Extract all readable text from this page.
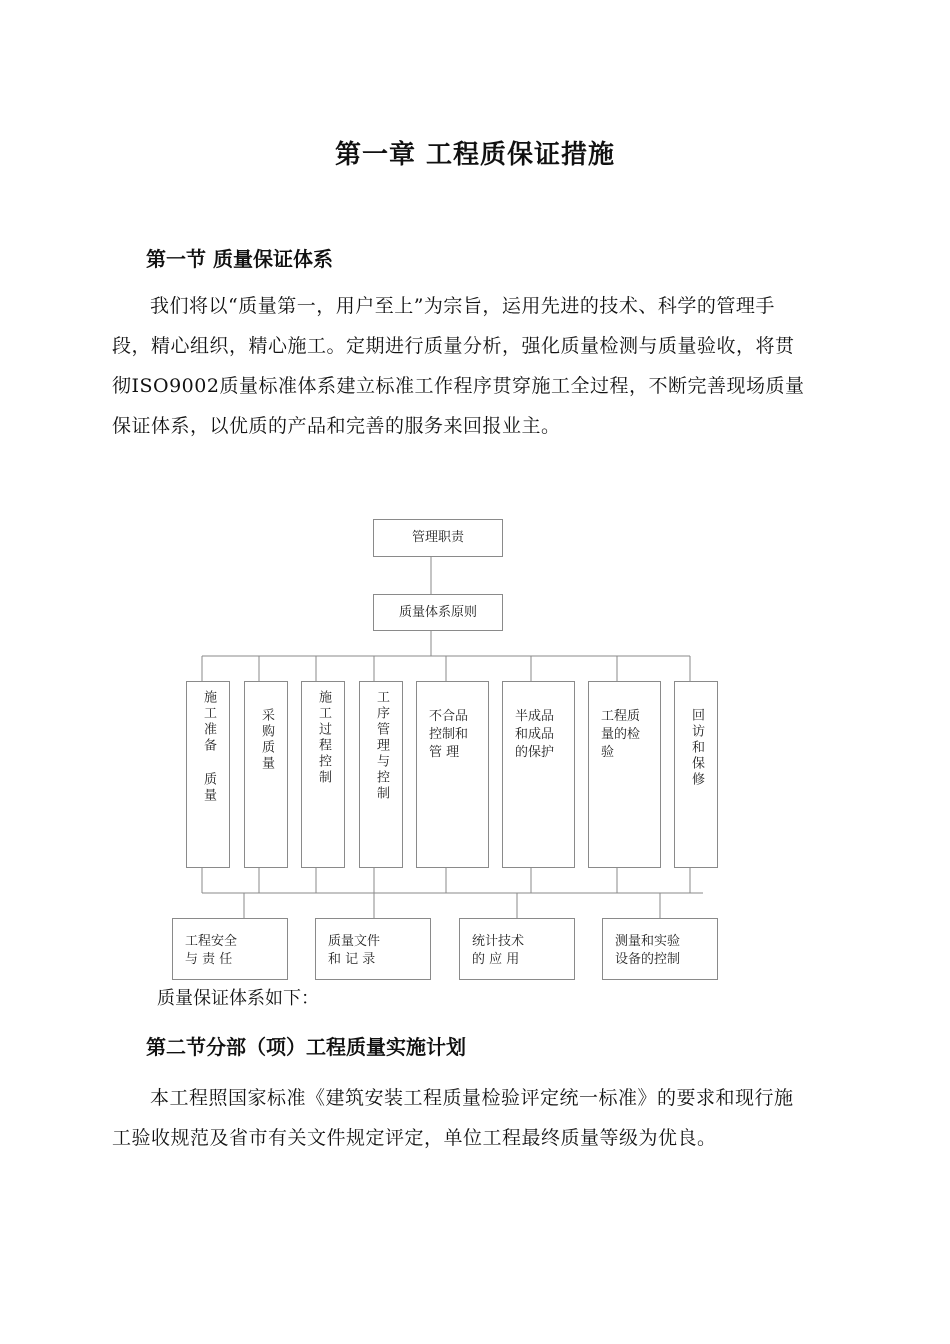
第一章 工程质保证措施
第一节 质量保证体系
我们将以“质量第一，用户至上”为宗旨，运用先进的技术、科学的管理手段，精心组织，精心施工。定期进行质量分析，强化质量检测与质量验收，将贯彻ISO9002质量标准体系建立标准工作程序贯穿施工全过程，不断完善现场质量保证体系，以优质的产品和完善的服务来回报业主。
管理职责
质量体系原则
施工准备 质量	采购质量	施工过程控制	工序管理与控制	不合品
控制和
管 理
半成品
和成品
的保护
工程质
量的检
验	回访和保修
工程安全
与 责 任
质量文件
和 记 录
统计技术
的 应 用
测量和实验
设备的控制
质量保证体系如下：
第二节分部（项）工程质量实施计划
本工程照国家标准《建筑安装工程质量检验评定统一标准》的要求和现行施工验收规范及省市有关文件规定评定，单位工程最终质量等级为优良。
